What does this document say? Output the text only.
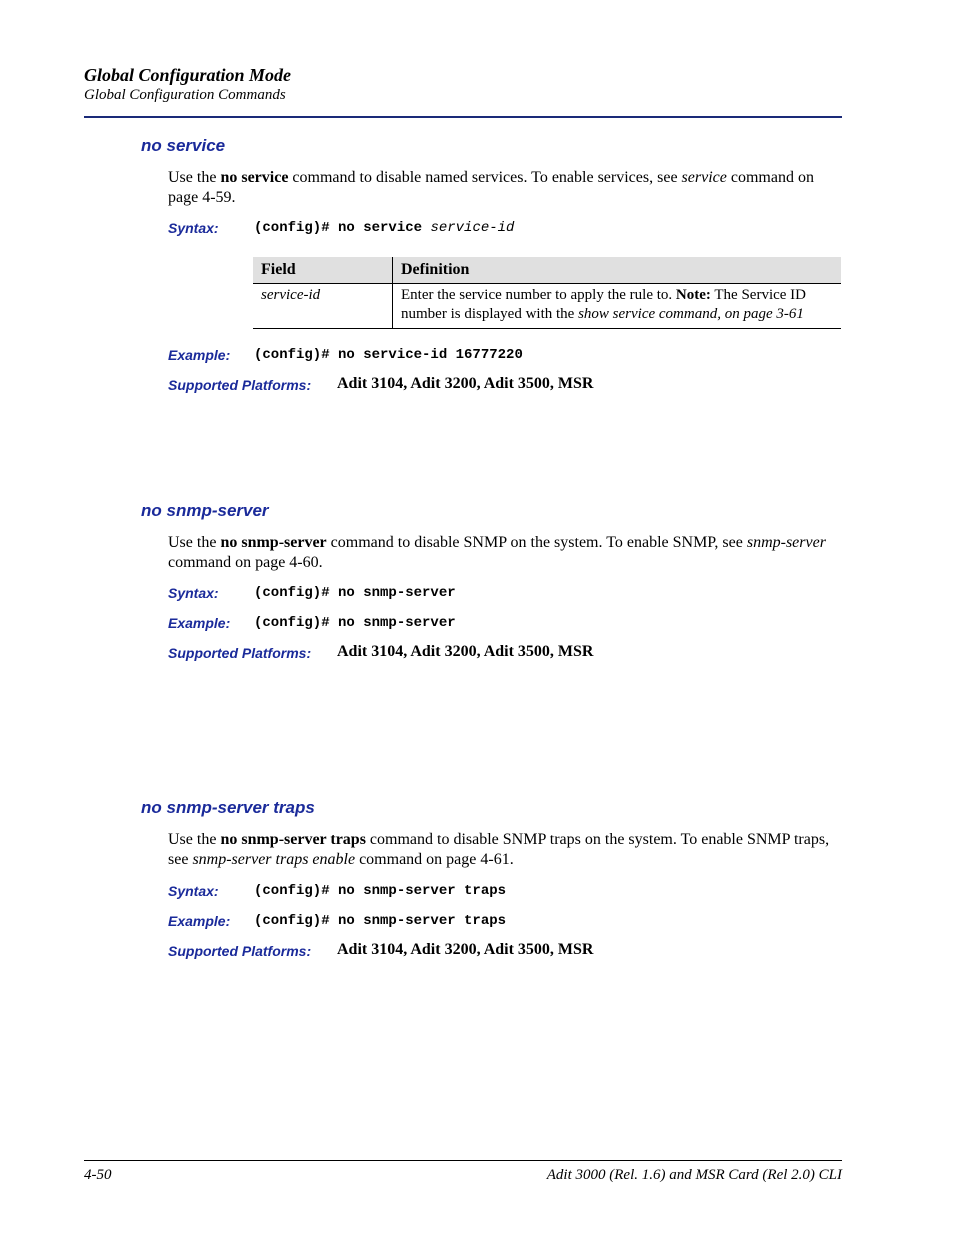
Global Configuration Mode
Global Configuration Commands
no service
Use the no service command to disable named services. To enable services, see service command on page 4-59.
Syntax:	(config)# no service service-id
Field	Definition
service-id	Enter the service number to apply the rule to. Note: The Service ID number is displayed with the show service command, on page 3-61
Example: (config)# no service-id 16777220
Supported Platforms: Adit 3104, Adit 3200, Adit 3500, MSR
no snmp-server
Use the no snmp-server command to disable SNMP on the system. To enable SNMP, see snmp-server command on page 4-60.
Syntax:	(config)# no snmp-server
Example: (config)# no snmp-server
Supported Platforms: Adit 3104, Adit 3200, Adit 3500, MSR
no snmp-server traps
Use the no snmp-server traps command to disable SNMP traps on the system. To enable SNMP traps, see snmp-server traps enable command on page 4-61.
Syntax:	(config)# no snmp-server traps
Example: (config)# no snmp-server traps
Supported Platforms: Adit 3104, Adit 3200, Adit 3500, MSR
4-50	Adit 3000 (Rel. 1.6) and MSR Card (Rel 2.0) CLI
